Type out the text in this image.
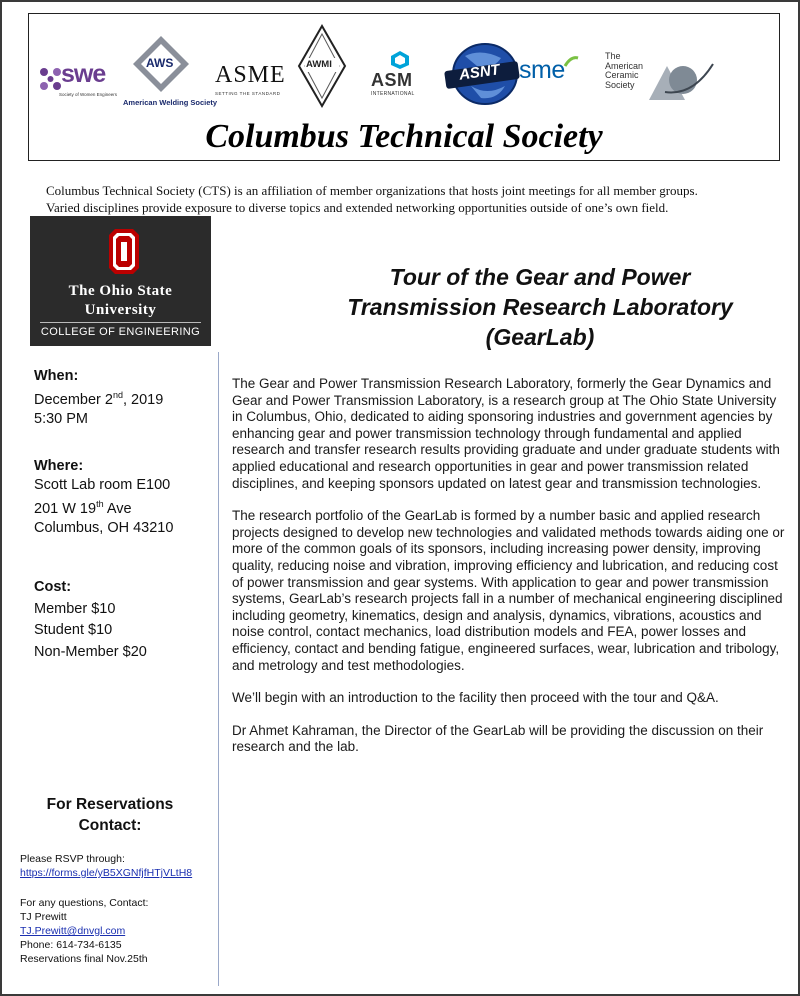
swe
Society of Women Engineers
AWS
American Welding Society
ASME
SETTING THE STANDARD
AWMI
ASM
INTERNATIONAL
ASNT sme	The
American
Ceramic
Society
Columbus Technical Society
Columbus Technical Society (CTS) is an affiliation of member organizations that hosts joint meetings for all member groups.
Varied disciplines provide exposure to diverse topics and extended networking opportunities outside of one’s own field.
The Ohio State
University
COLLEGE OF ENGINEERING
Tour of the Gear and Power
Transmission Research Laboratory
(GearLab)
When:
December 2nd, 2019
5:30 PM
Where:
Scott Lab room E100
201 W 19th Ave
Columbus, OH 43210
Cost:
Member $10
Student $10
Non-Member $20
For Reservations
Contact:
Please RSVP through:
https://forms.gle/yB5XGNfjfHTjVLtH8
For any questions, Contact:
TJ Prewitt
TJ.Prewitt@dnvgl.com
Phone: 614-734-6135
Reservations final Nov.25th

The Gear and Power Transmission Research Laboratory, formerly the Gear Dynamics and Gear and Power Transmission Laboratory, is a research group at The Ohio State University in Columbus, Ohio, dedicated to aiding sponsoring industries and government agencies by enhancing gear and power transmission technology through fundamental and applied research and transfer research results providing graduate and under graduate students with applied educational and research opportunities in gear and power transmission related disciplines, and keeping sponsors updated on latest gear and transmission technologies.

The research portfolio of the GearLab is formed by a number basic and applied research projects designed to develop new technologies and validated methods towards aiding one or more of the common goals of its sponsors, including increasing power density, improving quality, reducing noise and vibration, improving efficiency and lubrication, and reducing cost of power transmission and gear systems. With application to gear and power transmission systems, GearLab’s research projects fall in a number of mechanical engineering disciplined including geometry, kinematics, design and analysis, dynamics, vibrations, acoustics and noise control, contact mechanics, load distribution models and FEA, power losses and efficiency, contact and bending fatigue, engineered surfaces, wear, lubrication and tribology, and metrology and test methodologies.

We’ll begin with an introduction to the facility then proceed with the tour and Q&A.

Dr Ahmet Kahraman, the Director of the GearLab will be providing the discussion on their research and the lab.
